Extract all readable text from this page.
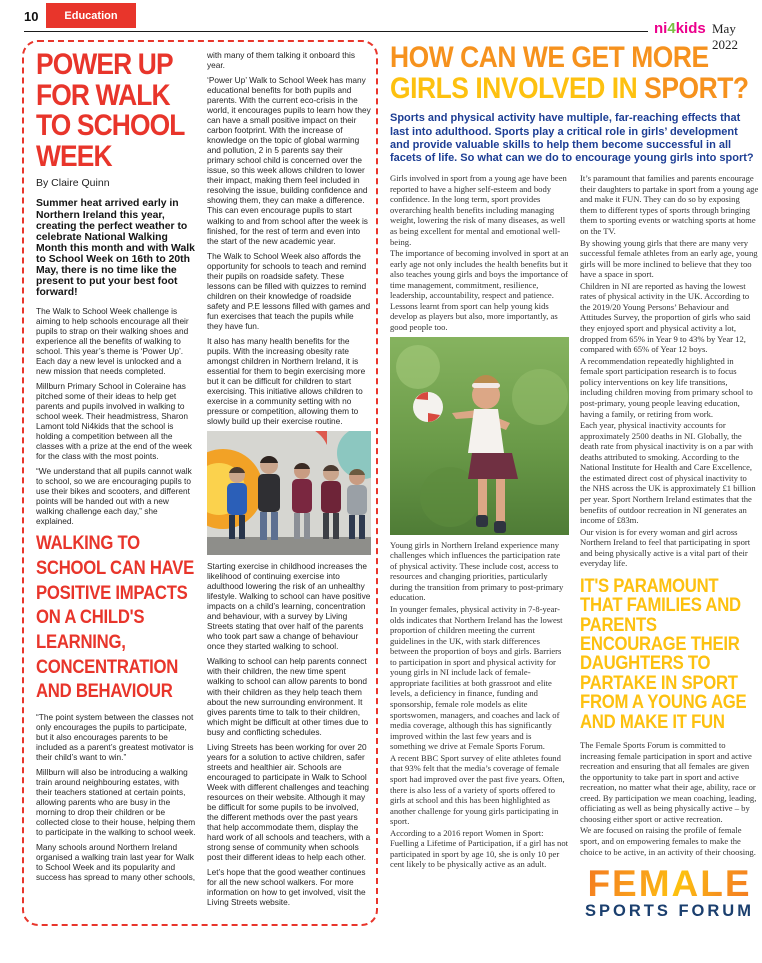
10	Education
ni4kids May 2022
POWER UP FOR WALK TO SCHOOL WEEK
By Claire Quinn
Summer heat arrived early in Northern Ireland this year, creating the perfect weather to celebrate National Walking Month this month and with Walk to School Week on 16th to 20th May, there is no time like the present to put your best foot forward!

The Walk to School Week challenge is aiming to help schools encourage all their pupils to strap on their walking shoes and experience all the benefits of walking to school. This year’s theme is ‘Power Up’. Each day a new level is unlocked and a new mission that needs completed.

Millburn Primary School in Coleraine has pitched some of their ideas to help get parents and pupils involved in walking to school week. Their headmistress, Sharon Lamont told Ni4kids that the school is holding a competition between all the classes with a prize at the end of the week for the class with the most points.

“We understand that all pupils cannot walk to school, so we are encouraging pupils to use their bikes and scooters, and different points will be handed out with a new walking challenge each day,” she explained.

WALKING TO SCHOOL CAN HAVE POSITIVE IMPACTS ON A CHILD'S LEARNING, CONCENTRATION AND BEHAVIOUR

“The point system between the classes not only encourages the pupils to participate, but it also encourages parents to be included as a parent’s greatest motivator is their child’s want to win.”

Millburn will also be introducing a walking train around neighbouring estates, with their teachers stationed at certain points, allowing parents who are busy in the morning to drop their children or be collected close to their house, helping them to participate in the walking to school week.

Many schools around Northern Ireland organised a walking train last year for Walk to School Week and its popularity and success has spread to many other schools,

with many of them talking it onboard this year.

‘Power Up’ Walk to School Week has many educational benefits for both pupils and parents. With the current eco-crisis in the world, it encourages pupils to learn how they can have a small positive impact on their carbon footprint. With the increase of knowledge on the topic of global warming and pollution, 2 in 5 parents say their primary school child is concerned over the issue, so this week allows children to lower their impact, making them feel included in resolving the issue, building confidence and showing them, they can make a difference. This can even encourage pupils to start walking to and from school after the week is finished, for the rest of term and even into the start of the new academic year.

The Walk to School Week also affords the opportunity for schools to teach and remind their pupils on roadside safety. These lessons can be filled with quizzes to remind children on their knowledge of roadside safety and P.E lessons filled with games and fun exercises that teach the pupils while they have fun.

It also has many health benefits for the pupils. With the increasing obesity rate amongst children in Northern Ireland, it is essential for them to begin exercising more but it can be difficult for children to start exercising. This initiative allows children to exercise in a community setting with no pressure or competition, allowing them to slowly build up their exercise routine.

Starting exercise in childhood increases the likelihood of continuing exercise into adulthood lowering the risk of an unhealthy lifestyle. Walking to school can have positive impacts on a child’s learning, concentration and behaviour, with a survey by Living Streets stating that over half of the parents who took part saw a change of behaviour once they started walking to school.

Walking to school can help parents connect with their children, the new time spent walking to school can allow parents to bond with their children as they help teach them about the new surrounding environment. It gives parents time to talk to their children, which might be difficult at other times due to busy and conflicting schedules.

Living Streets has been working for over 20 years for a solution to active children, safer streets and healthier air. Schools are encouraged to participate in Walk to School Week with different challenges and teaching resources on their website. Although it may be difficult for some pupils to be involved, the different methods over the past years that help accommodate them, display the hard work of all schools and teachers, with a strong sense of community when schools post their different ideas to help each other.

Let’s hope that the good weather continues for all the new school walkers. For more information on how to get involved, visit the Living Streets website.

HOW CAN WE GET MORE
GIRLS INVOLVED IN SPORT?
Sports and physical activity have multiple, far-reaching effects that last into adulthood. Sports play a critical role in girls’ development and provide valuable skills to help them become successful in all facets of life. So what can we do to encourage young girls into sport?

Girls involved in sport from a young age have been reported to have a higher self-esteem and body confidence. In the long term, sport provides overarching health benefits including managing weight, lowering the risk of many diseases, as well as being excellent for mental and emotional well-being.

The importance of becoming involved in sport at an early age not only includes the health benefits but it also teaches young girls and boys the importance of time management, commitment, resilience, leadership, accountability, respect and patience. Lessons learnt from sport can help young kids develop as players but also, more importantly, as good people too.

Young girls in Northern Ireland experience many challenges which influences the participation rate of physical activity. These include cost, access to resources and changing priorities, particularly during the transition from primary to post-primary education.

In younger females, physical activity in 7-8-year-olds indicates that Northern Ireland has the lowest proportion of children meeting the current guidelines in the UK, with stark differences between the proportion of boys and girls. Barriers to participation in sport and physical activity for young girls in NI include lack of female-appropriate facilities at both grassroot and elite levels, a deficiency in finance, funding and sponsorship, female role models as elite sportswomen, managers, and coaches and lack of media coverage, although this has significantly improved within the last few years and is something we drive at Female Sports Forum.

A recent BBC Sport survey of elite athletes found that 93% felt that the media’s coverage of female sport had improved over the past five years. Often, there is also less of a variety of sports offered to girls at school and this has been highlighted as another challenge for young girls participating in sport.

According to a 2016 report Women in Sport: Fuelling a Lifetime of Participation, if a girl has not participated in sport by age 10, she is only 10 per cent likely to be physically active as an adult.

It’s paramount that families and parents encourage their daughters to partake in sport from a young age and make it FUN. They can do so by exposing them to different types of sports through bringing them to sporting events or watching sports at home on the TV.

By showing young girls that there are many very successful female athletes from an early age, young girls will be more inclined to believe that they too have a space in sport.

Children in NI are reported as having the lowest rates of physical activity in the UK. According to the 2019/20 Young Persons’ Behaviour and Attitudes Survey, the proportion of girls who said they enjoyed sport and physical activity a lot, dropped from 65% in Year 9 to 43% by Year 12, compared with 65% of Year 12 boys.

A recommendation repeatedly highlighted in female sport participation research is to focus policy interventions on key life transitions, including children moving from primary school to post-primary, young people leaving education, having a family, or retiring from work.

Each year, physical inactivity accounts for approximately 2500 deaths in NI. Globally, the death rate from physical inactivity is on a par with deaths attributed to smoking. According to the National Institute for Health and Care Excellence, the estimated direct cost of physical inactivity to the NHS across the UK is approximately £1 billion per year. Sport Northern Ireland estimates that the benefits of outdoor recreation in NI generates an income of £83m.

Our vision is for every woman and girl across Northern Ireland to feel that participating in sport and being physically active is a vital part of their everyday life.

IT'S PARAMOUNT THAT FAMILIES AND PARENTS ENCOURAGE THEIR DAUGHTERS TO PARTAKE IN SPORT FROM A YOUNG AGE AND MAKE IT FUN

The Female Sports Forum is committed to increasing female participation in sport and active recreation and ensuring that all females are given the opportunity to take part in sport and active recreation, no matter what their age, ability, race or creed. By participation we mean coaching, leading, officiating as well as being physically active – by choosing either sport or active recreation.

We are focused on raising the profile of female sport, and on empowering females to make the choice to be active, in an activity of their choosing.

FEMALE
SPORTS FORUM
